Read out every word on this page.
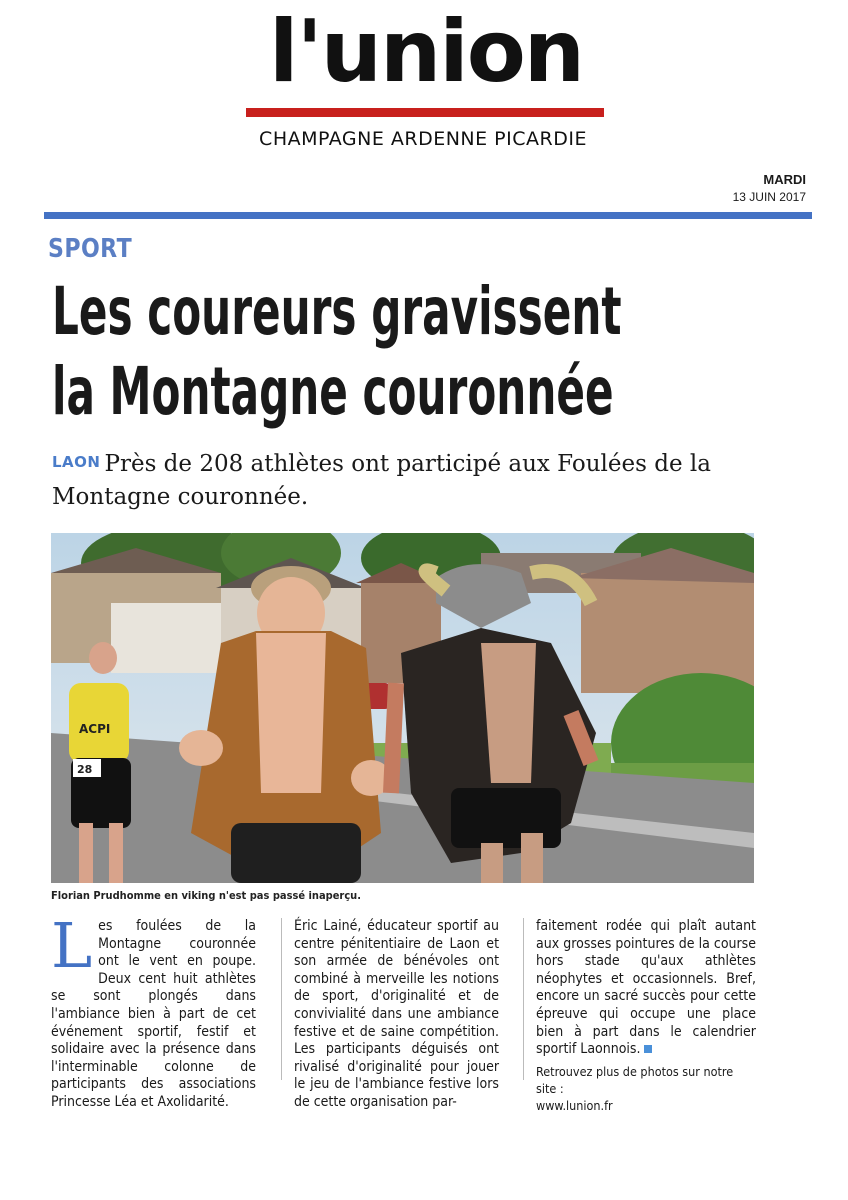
l'union
CHAMPAGNE ARDENNE PICARDIE
MARDI
13 JUIN 2017
SPORT
Les coureurs gravissent
la Montagne couronnée
LAON Près de 208 athlètes ont participé aux Foulées de la Montagne couronnée.
ACPI
28
Florian Prudhomme en viking n'est pas passé inaperçu.
L es foulées de la Montagne couronnée ont le vent en poupe. Deux cent huit athlètes se sont plongés dans l'ambiance bien à part de cet événement sportif, festif et solidaire avec la présence dans l'interminable colonne de participants des associations Princesse Léa et Axolidarité.

Éric Lainé, éducateur sportif au centre pénitentiaire de Laon et son armée de bénévoles ont combiné à merveille les notions de sport, d'originalité et de convivialité dans une ambiance festive et de saine compétition. Les participants déguisés ont rivalisé d'originalité pour jouer le jeu de l'ambiance festive lors de cette organisation par-

faitement rodée qui plaît autant aux grosses pointures de la course hors stade qu'aux athlètes néophytes et occasionnels. Bref, encore un sacré succès pour cette épreuve qui occupe une place bien à part dans le calendrier sportif Laonnois.

Retrouvez plus de photos sur notre site :
www.lunion.fr
